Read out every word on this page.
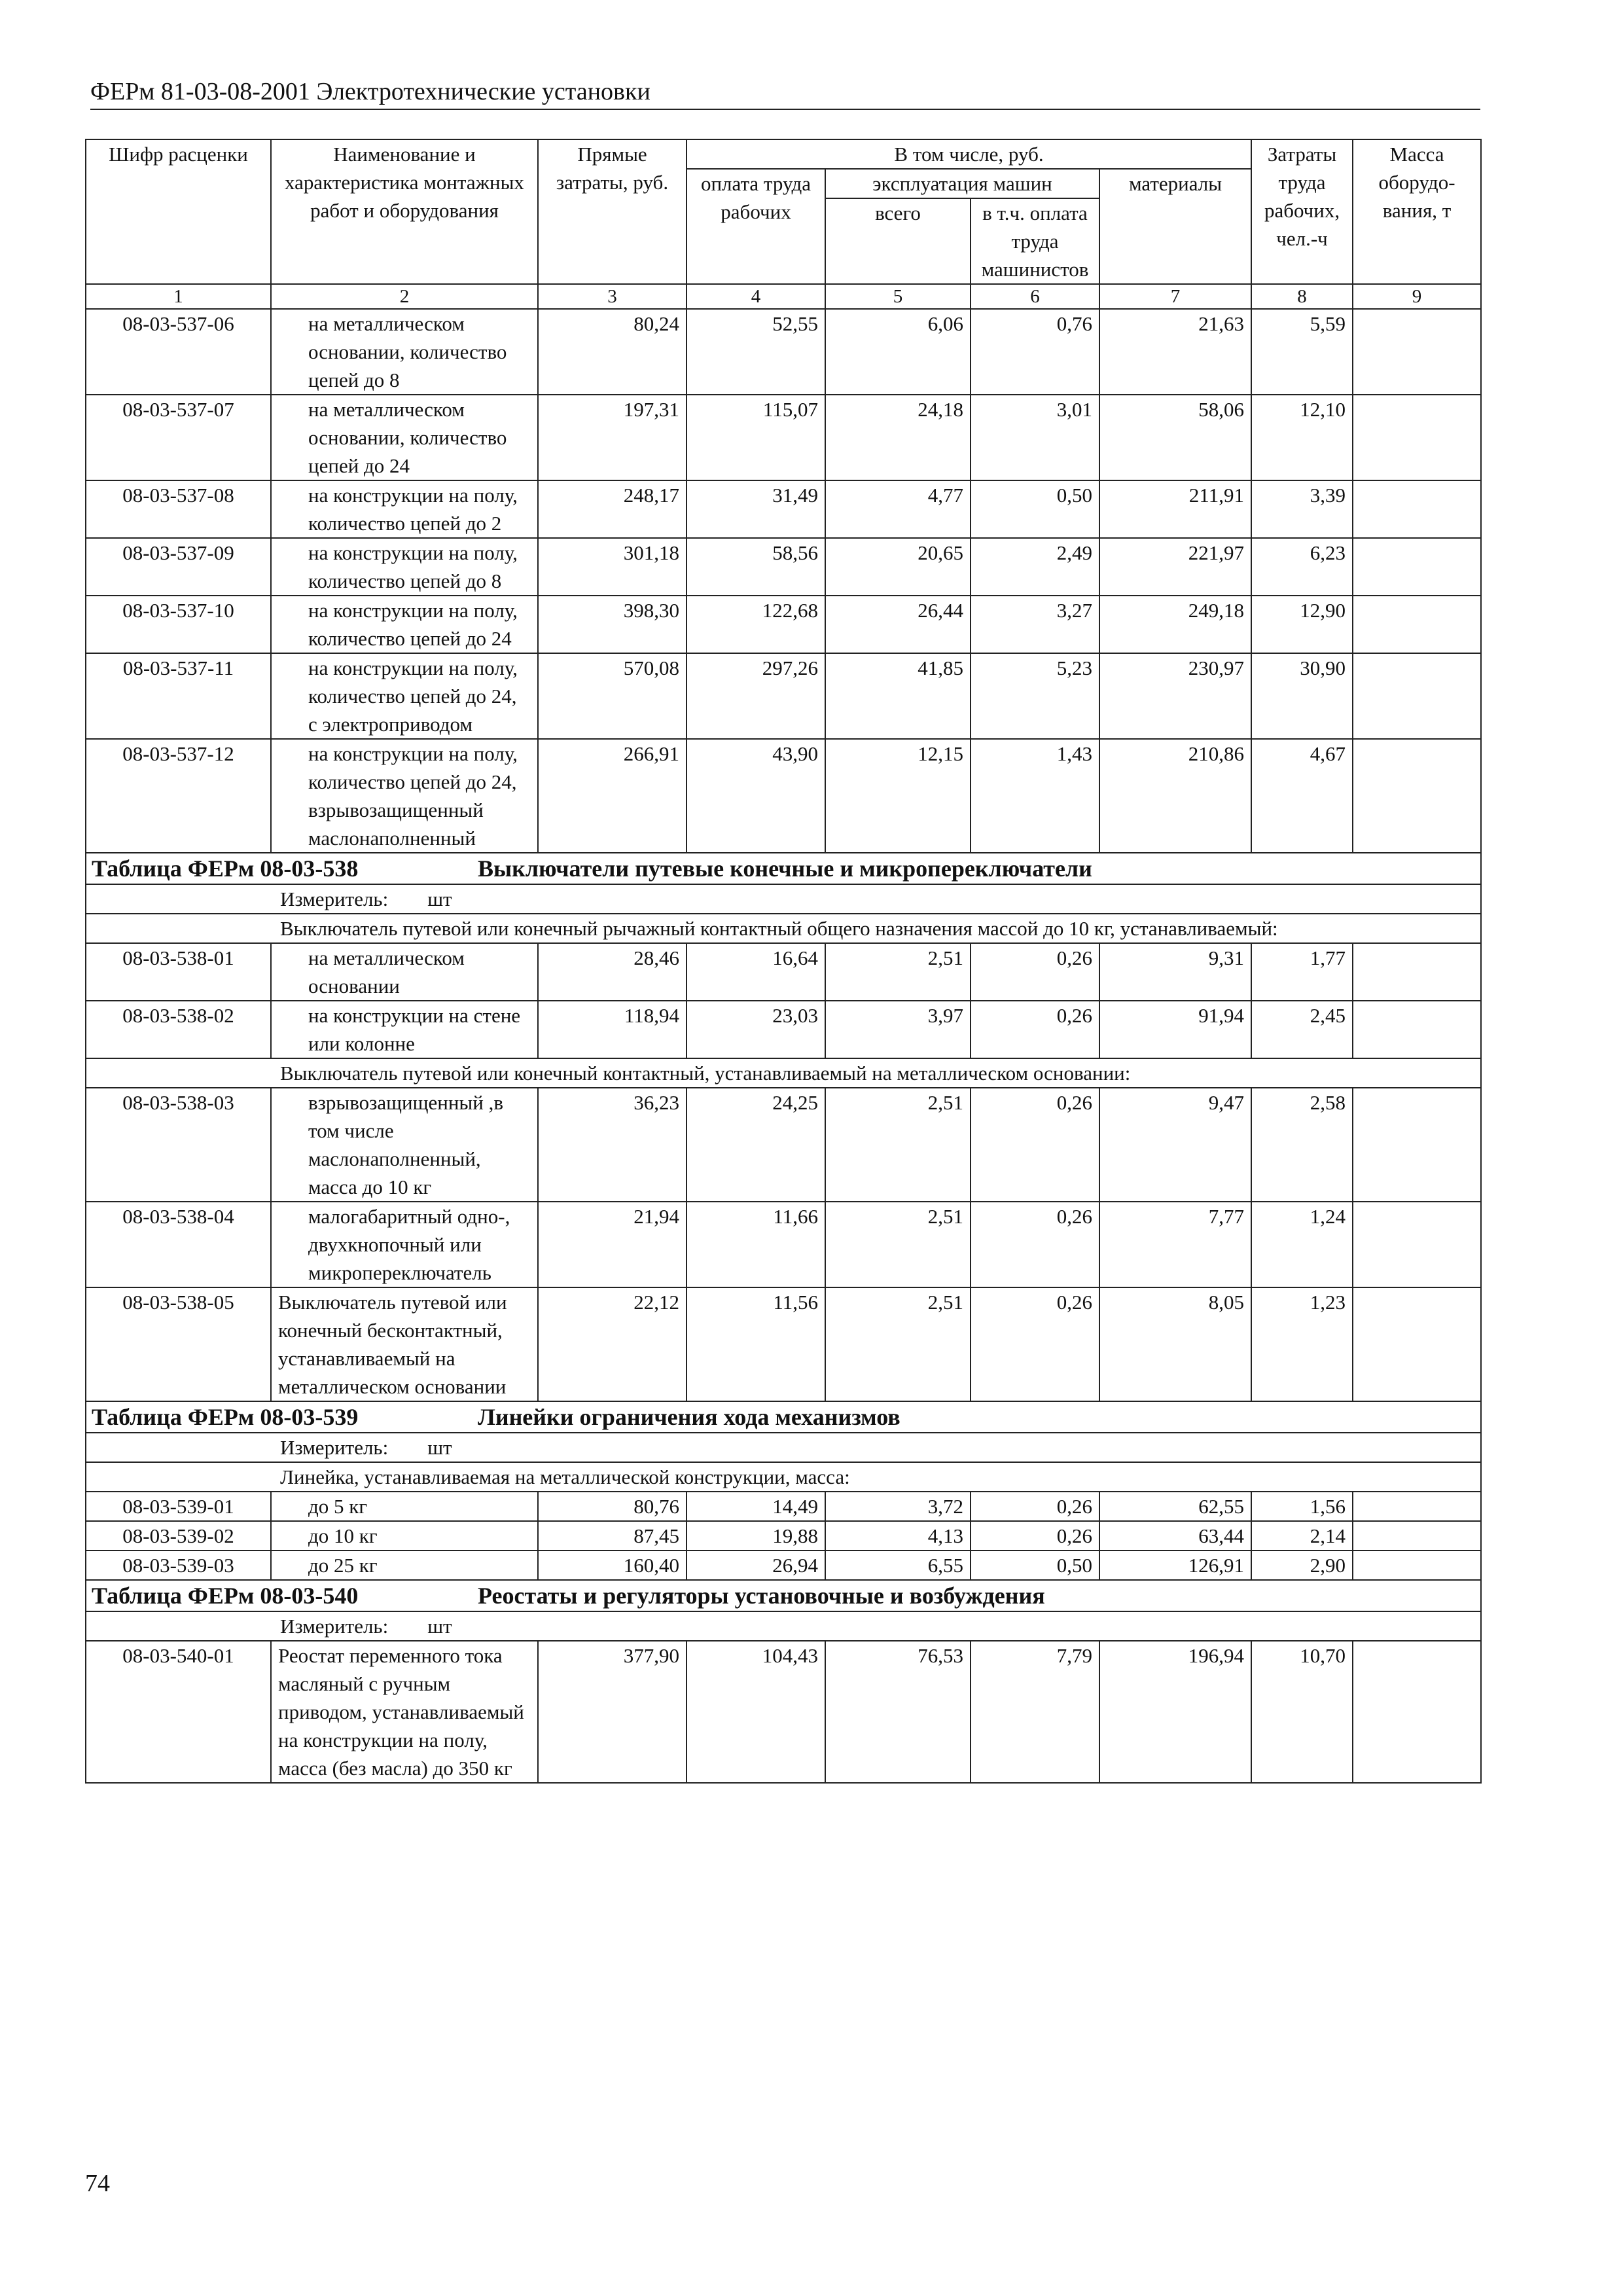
ФЕРм 81-03-08-2001 Электротехнические установки
Шифр расценки	Наименование и характеристика монтажных работ и оборудования	Прямые затраты, руб.	В том числе, руб.				Затраты труда рабочих, чел.-ч	Масса оборудо-вания, т
			оплата труда рабочих	эксплуатация машин		материалы		
				всего	в т.ч. оплата труда машинистов			
1	2	3	4	5	6	7	8	9
08-03-537-06	на металлическом основании, количество цепей до 8	80,24	52,55	6,06	0,76	21,63	5,59	
08-03-537-07	на металлическом основании, количество цепей до 24	197,31	115,07	24,18	3,01	58,06	12,10	
08-03-537-08	на конструкции на полу, количество цепей до 2	248,17	31,49	4,77	0,50	211,91	3,39	
08-03-537-09	на конструкции на полу, количество цепей до 8	301,18	58,56	20,65	2,49	221,97	6,23	
08-03-537-10	на конструкции на полу, количество цепей до 24	398,30	122,68	26,44	3,27	249,18	12,90	
08-03-537-11	на конструкции на полу, количество цепей до 24, с электроприводом	570,08	297,26	41,85	5,23	230,97	30,90	
08-03-537-12	на конструкции на полу, количество цепей до 24, взрывозащищенный маслонаполненный	266,91	43,90	12,15	1,43	210,86	4,67	
Таблица ФЕРм 08-03-538 Выключатели путевые конечные и микропереключатели								
Измеритель: шт								
Выключатель путевой или конечный рычажный контактный общего назначения массой до 10 кг, устанавливаемый:								
08-03-538-01	на металлическом основании	28,46	16,64	2,51	0,26	9,31	1,77	
08-03-538-02	на конструкции на стене или колонне	118,94	23,03	3,97	0,26	91,94	2,45	
Выключатель путевой или конечный контактный, устанавливаемый на металлическом основании:								
08-03-538-03	взрывозащищенный ,в том числе маслонаполненный, масса до 10 кг	36,23	24,25	2,51	0,26	9,47	2,58	
08-03-538-04	малогабаритный одно-, двухкнопочный или микропереключатель	21,94	11,66	2,51	0,26	7,77	1,24	
08-03-538-05	Выключатель путевой или конечный бесконтактный, устанавливаемый на металлическом основании	22,12	11,56	2,51	0,26	8,05	1,23	
Таблица ФЕРм 08-03-539 Линейки ограничения хода механизмов								
Измеритель: шт								
Линейка, устанавливаемая на металлической конструкции, масса:								
08-03-539-01	до 5 кг	80,76	14,49	3,72	0,26	62,55	1,56	
08-03-539-02	до 10 кг	87,45	19,88	4,13	0,26	63,44	2,14	
08-03-539-03	до 25 кг	160,40	26,94	6,55	0,50	126,91	2,90	
Таблица ФЕРм 08-03-540 Реостаты и регуляторы установочные и возбуждения								
Измеритель: шт								
08-03-540-01	Реостат переменного тока масляный с ручным приводом, устанавливаемый на конструкции на полу, масса (без масла) до 350 кг	377,90	104,43	76,53	7,79	196,94	10,70	
74
